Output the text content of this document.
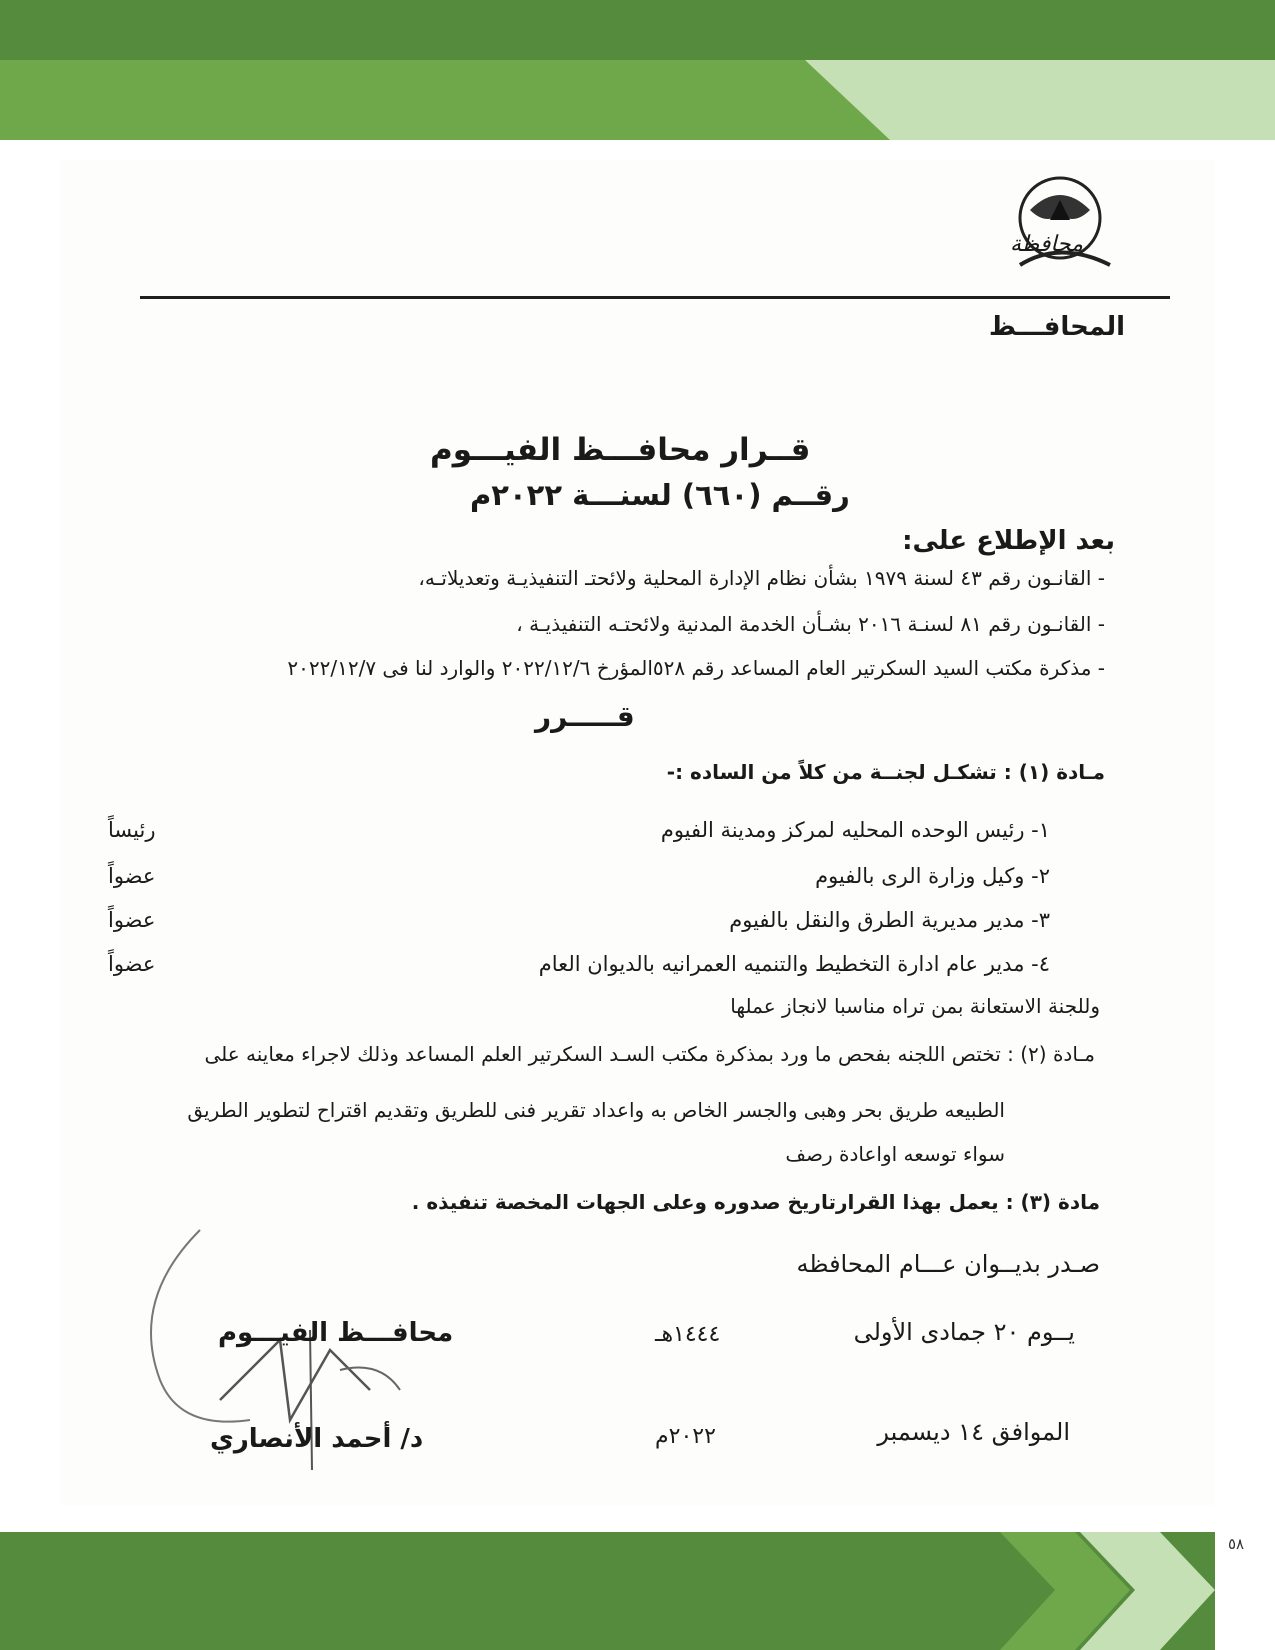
محافظة
المحافـــظ
قــرار محافـــظ الفيـــوم
رقــم (٦٦٠) لسنـــة ٢٠٢٢م
بعد الإطلاع على:
- القانـون رقم ٤٣ لسنة ١٩٧٩ بشأن نظام الإدارة المحلية ولائحتـ التنفيذيـة وتعديلاتـه،
- القانـون رقم ٨١ لسنـة ٢٠١٦ بشـأن الخدمة المدنية ولائحتـه التنفيذيـة ،
- مذكرة مكتب السيد السكرتير العام المساعد رقم ٥٢٨المؤرخ ٢٠٢٢/١٢/٦ والوارد لنا فى ٢٠٢٢/١٢/٧
قـــــرر
مـادة (١) : تشكـل لجنــة من كلاً من الساده :-
١- رئيس الوحده المحليه لمركز ومدينة الفيوم
رئيساً
٢- وكيل وزارة الرى بالفيوم
عضواً
٣- مدير مديرية الطرق والنقل بالفيوم
عضواً
٤- مدير عام ادارة التخطيط والتنميه العمرانيه بالديوان العام
عضواً
وللجنة الاستعانة بمن تراه مناسبا لانجاز عملها
مـادة (٢) : تختص اللجنه بفحص ما ورد بمذكرة مكتب السـد السكرتير العلم المساعد وذلك لاجراء معاينه على
الطبيعه طريق بحر وهبى والجسر الخاص به واعداد تقرير فنى للطريق وتقديم اقتراح لتطوير الطريق
سواء توسعه اواعادة رصف
مادة (٣) : يعمل بهذا القرارتاريخ صدوره وعلى الجهات المخصة تنفيذه .
صـدر بديــوان عـــام المحافظه
يــوم ٢٠ جمادى الأولى
١٤٤٤هـ
الموافق ١٤ ديسمبر
٢٠٢٢م
محافـــظ الفيـــوم
د/ أحمد الأنصاري
٥٨
